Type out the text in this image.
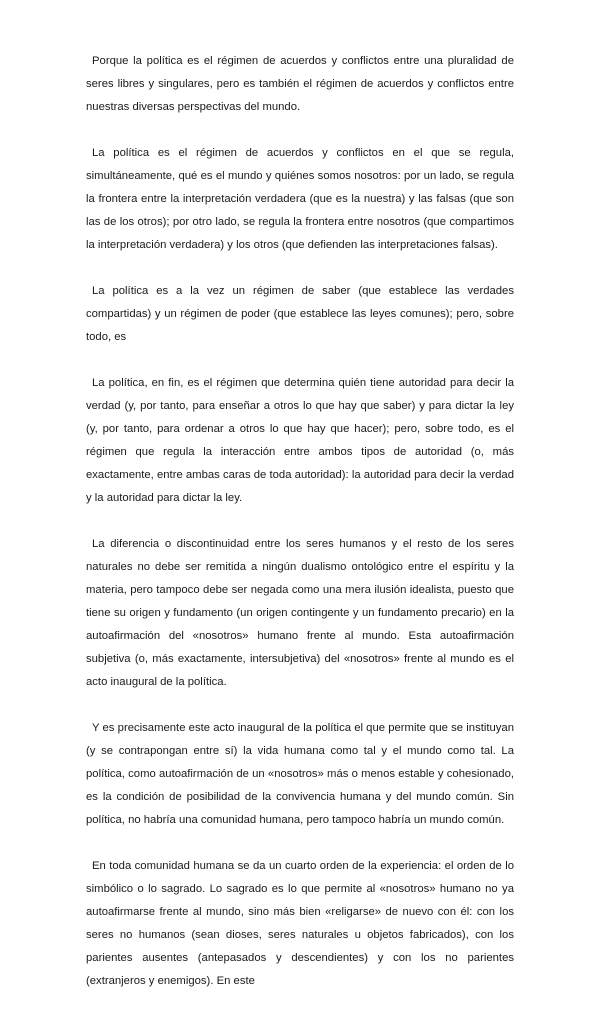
Porque la política es el régimen de acuerdos y conflictos entre una pluralidad de seres libres y singulares, pero es también el régimen de acuerdos y conflictos entre nuestras diversas perspectivas del mundo.

La política es el régimen de acuerdos y conflictos en el que se regula, simultáneamente, qué es el mundo y quiénes somos nosotros: por un lado, se regula la frontera entre la interpretación verdadera (que es la nuestra) y las falsas (que son las de los otros); por otro lado, se regula la frontera entre nosotros (que compartimos la interpretación verdadera) y los otros (que defienden las interpretaciones falsas).

La política es a la vez un régimen de saber (que establece las verdades compartidas) y un régimen de poder (que establece las leyes comunes); pero, sobre todo, es

La política, en fin, es el régimen que determina quién tiene autoridad para decir la verdad (y, por tanto, para enseñar a otros lo que hay que saber) y para dictar la ley (y, por tanto, para ordenar a otros lo que hay que hacer); pero, sobre todo, es el régimen que regula la interacción entre ambos tipos de autoridad (o, más exactamente, entre ambas caras de toda autoridad): la autoridad para decir la verdad y la autoridad para dictar la ley.

La diferencia o discontinuidad entre los seres humanos y el resto de los seres naturales no debe ser remitida a ningún dualismo ontológico entre el espíritu y la materia, pero tampoco debe ser negada como una mera ilusión idealista, puesto que tiene su origen y fundamento (un origen contingente y un fundamento precario) en la autoafirmación del «nosotros» humano frente al mundo. Esta autoafirmación subjetiva (o, más exactamente, intersubjetiva) del «nosotros» frente al mundo es el acto inaugural de la política.

Y es precisamente este acto inaugural de la política el que permite que se instituyan (y se contrapongan entre sí) la vida humana como tal y el mundo como tal. La política, como autoafirmación de un «nosotros» más o menos estable y cohesionado, es la condición de posibilidad de la convivencia humana y del mundo común. Sin política, no habría una comunidad humana, pero tampoco habría un mundo común.

En toda comunidad humana se da un cuarto orden de la experiencia: el orden de lo simbólico o lo sagrado. Lo sagrado es lo que permite al «nosotros» humano no ya autoafirmarse frente al mundo, sino más bien «religarse» de nuevo con él: con los seres no humanos (sean dioses, seres naturales u objetos fabricados), con los parientes ausentes (antepasados y descendientes) y con los no parientes (extranjeros y enemigos). En este
